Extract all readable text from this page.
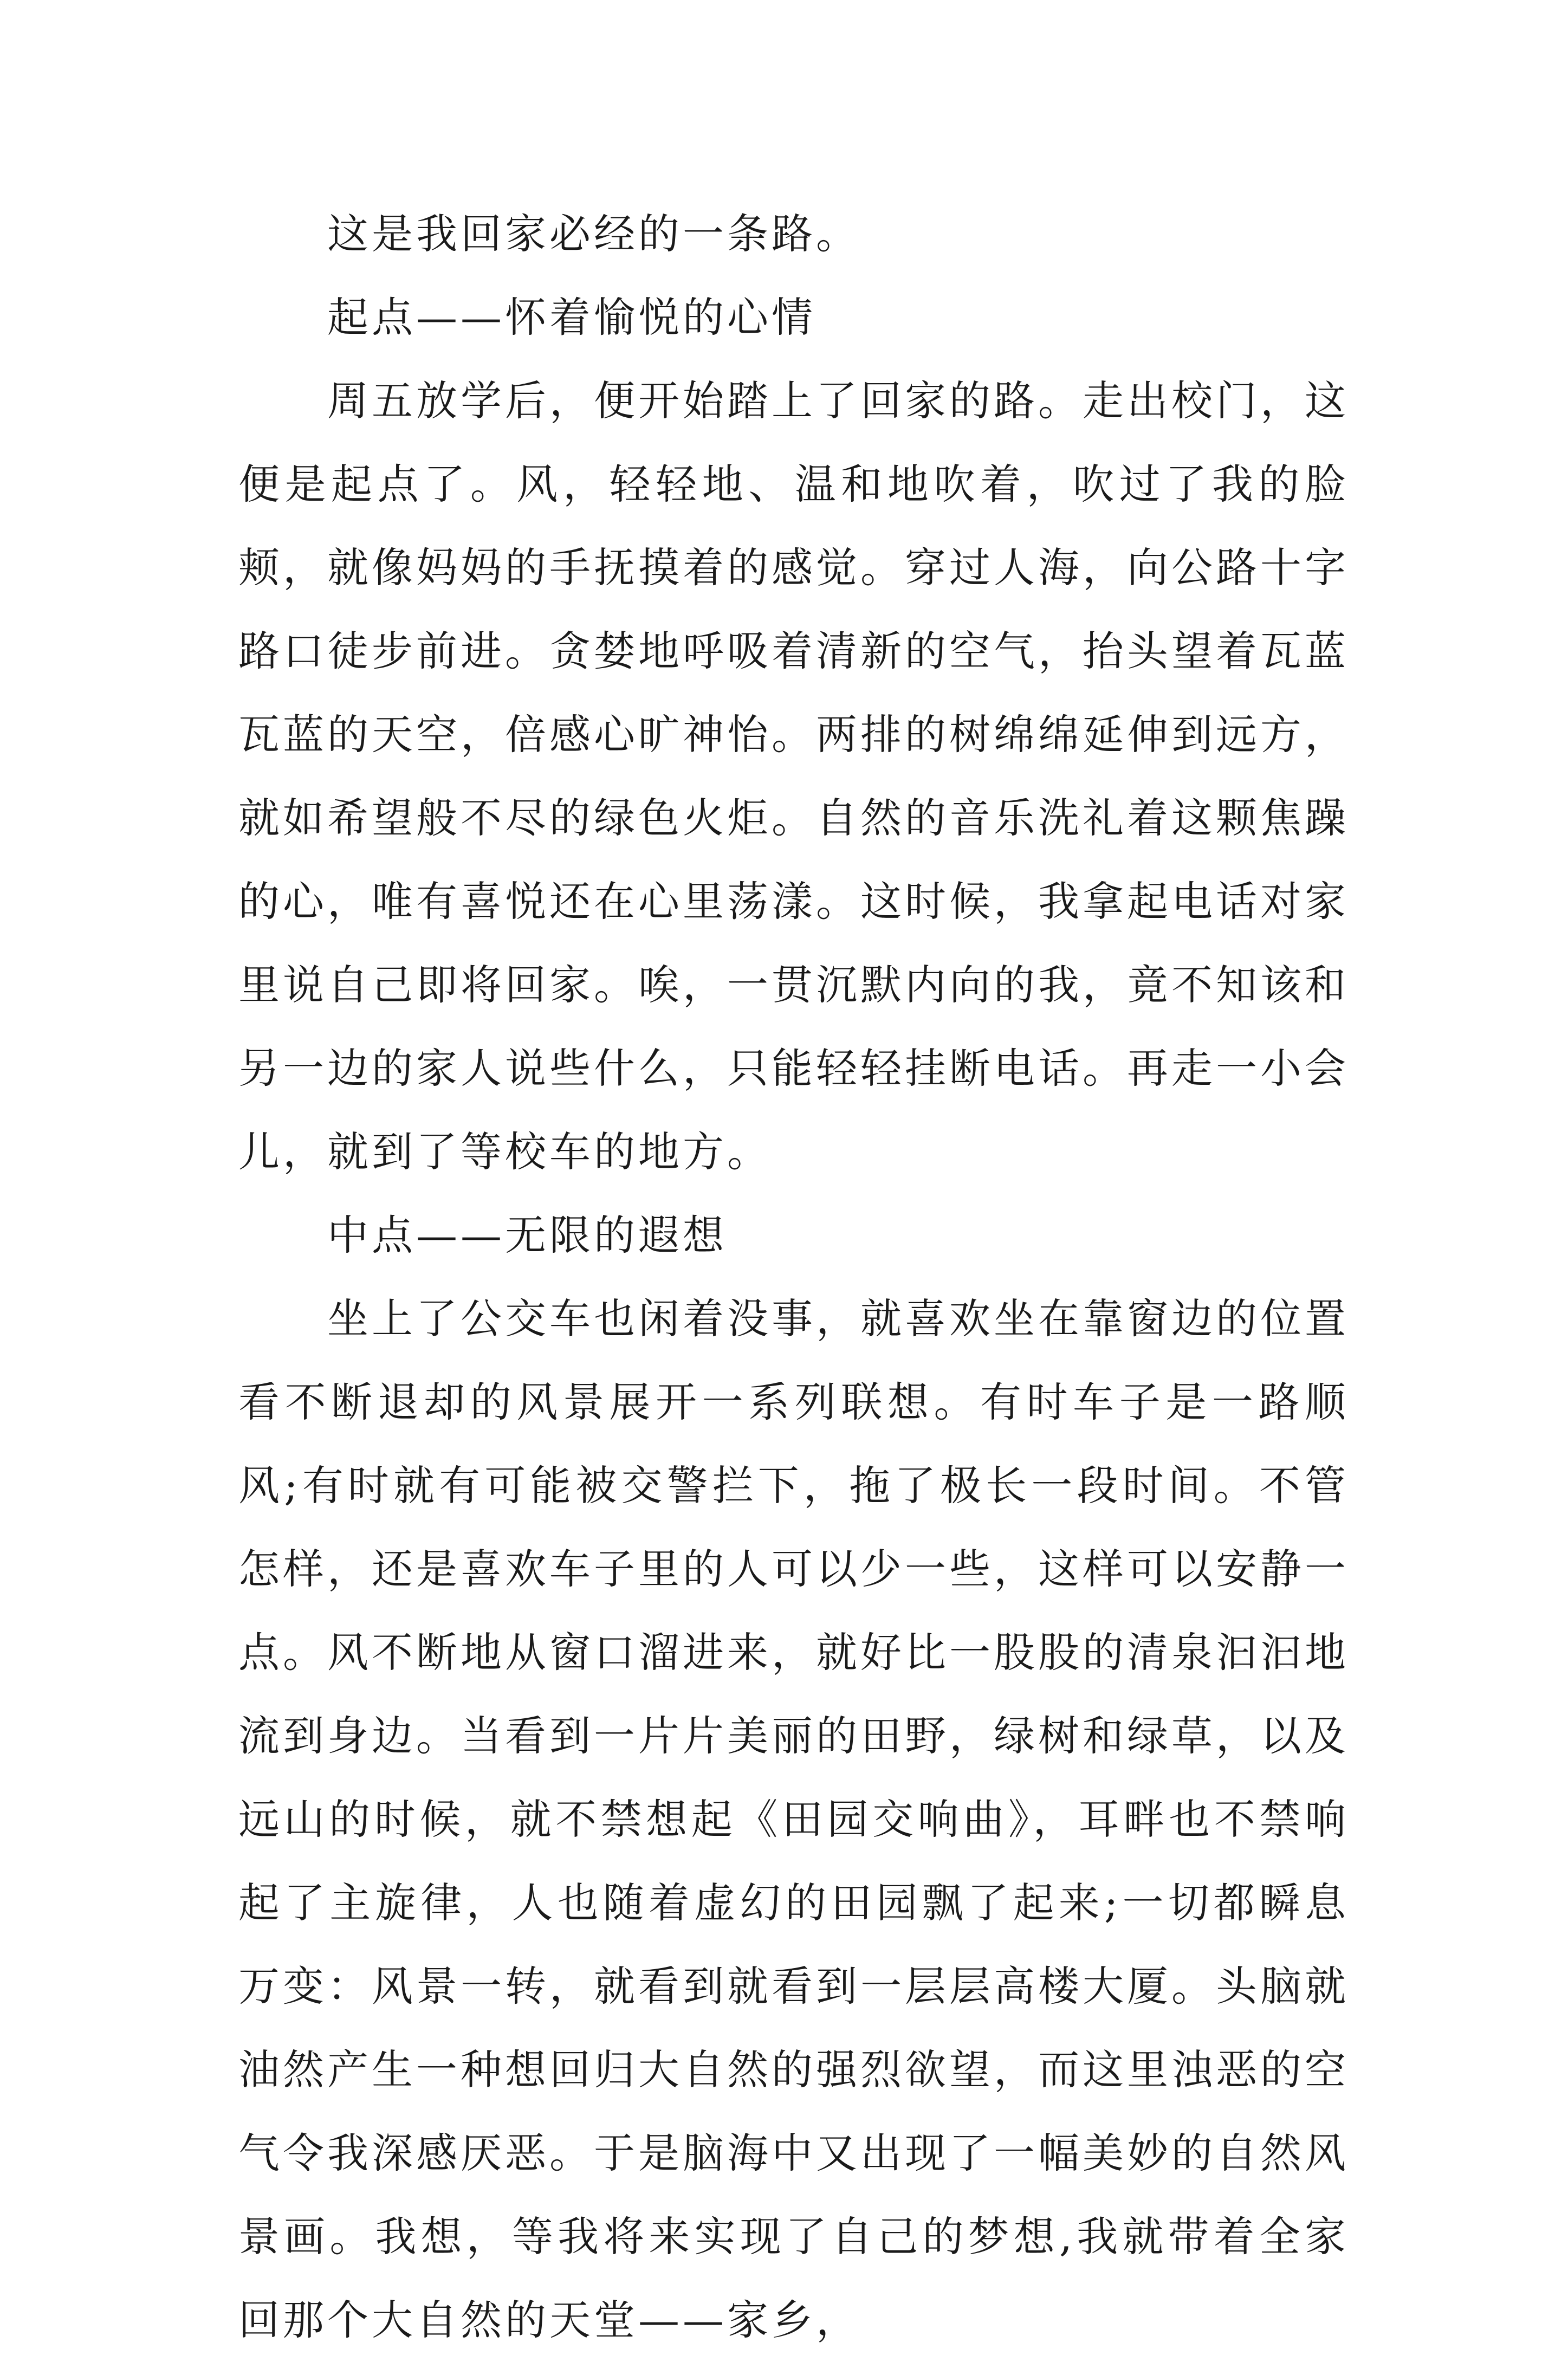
这是我回家必经的一条路。

起点——怀着愉悦的心情

周五放学后，便开始踏上了回家的路。走出校门，这便是起点了。风，轻轻地、温和地吹着，吹过了我的脸颊，就像妈妈的手抚摸着的感觉。穿过人海，向公路十字路口徒步前进。贪婪地呼吸着清新的空气，抬头望着瓦蓝瓦蓝的天空，倍感心旷神怡。两排的树绵绵延伸到远方，就如希望般不尽的绿色火炬。自然的音乐洗礼着这颗焦躁的心，唯有喜悦还在心里荡漾。这时候，我拿起电话对家里说自己即将回家。唉，一贯沉默内向的我，竟不知该和另一边的家人说些什么，只能轻轻挂断电话。再走一小会儿，就到了等校车的地方。

中点——无限的遐想

坐上了公交车也闲着没事，就喜欢坐在靠窗边的位置看不断退却的风景展开一系列联想。有时车子是一路顺风;有时就有可能被交警拦下，拖了极长一段时间。不管怎样，还是喜欢车子里的人可以少一些，这样可以安静一点。风不断地从窗口溜进来，就好比一股股的清泉汩汩地流到身边。当看到一片片美丽的田野，绿树和绿草，以及远山的时候，就不禁想起《田园交响曲》，耳畔也不禁响起了主旋律，人也随着虚幻的田园飘了起来;一切都瞬息万变：风景一转，就看到就看到一层层高楼大厦。头脑就油然产生一种想回归大自然的强烈欲望，而这里浊恶的空气令我深感厌恶。于是脑海中又出现了一幅美妙的自然风景画。我想，等我将来实现了自己的梦想,我就带着全家回那个大自然的天堂——家乡，
